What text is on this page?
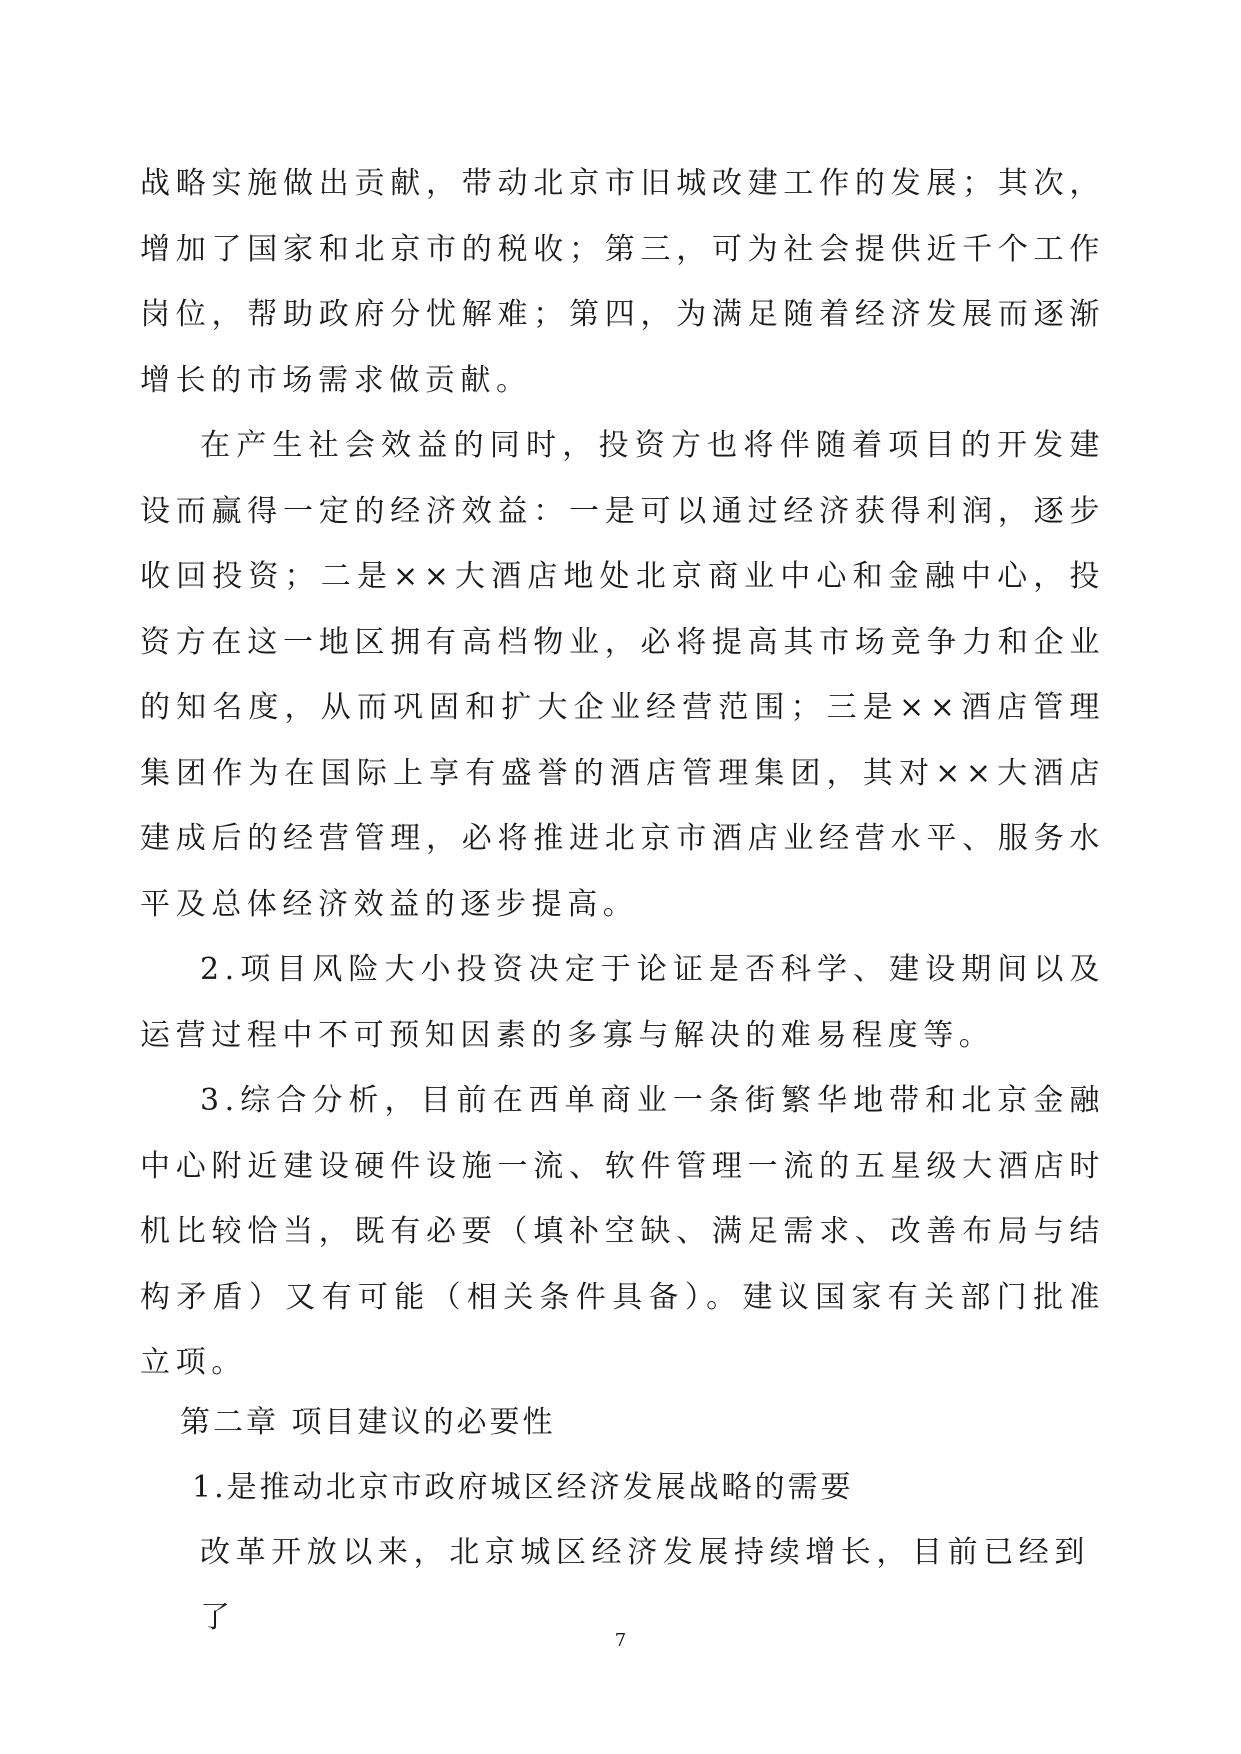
战略实施做出贡献，带动北京市旧城改建工作的发展；其次，增加了国家和北京市的税收；第三，可为社会提供近千个工作岗位，帮助政府分忧解难；第四，为满足随着经济发展而逐渐增长的市场需求做贡献。

在产生社会效益的同时，投资方也将伴随着项目的开发建设而赢得一定的经济效益：一是可以通过经济获得利润，逐步收回投资；二是××大酒店地处北京商业中心和金融中心，投资方在这一地区拥有高档物业，必将提高其市场竞争力和企业的知名度，从而巩固和扩大企业经营范围；三是××酒店管理集团作为在国际上享有盛誉的酒店管理集团，其对××大酒店建成后的经营管理，必将推进北京市酒店业经营水平、服务水平及总体经济效益的逐步提高。

2.项目风险大小投资决定于论证是否科学、建设期间以及运营过程中不可预知因素的多寡与解决的难易程度等。

3.综合分析，目前在西单商业一条街繁华地带和北京金融中心附近建设硬件设施一流、软件管理一流的五星级大酒店时机比较恰当，既有必要（填补空缺、满足需求、改善布局与结构矛盾）又有可能（相关条件具备）。建议国家有关部门批准立项。

第二章 项目建议的必要性

1.是推动北京市政府城区经济发展战略的需要

改革开放以来，北京城区经济发展持续增长，目前已经到了

7
